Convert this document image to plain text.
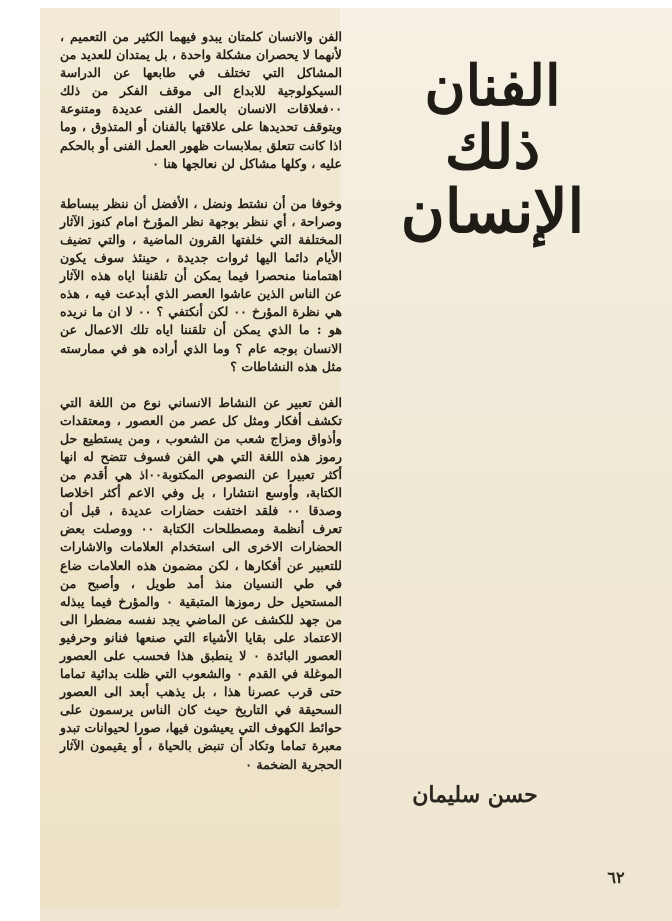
الفنان
ذلك الإنسان

الفن والانسان كلمتان يبدو فيهما الكثير من التعميم ، لأنهما لا يحصران مشكلة واحدة ، بل يمتدان للعديد من المشاكل التي تختلف في طابعها عن الدراسة السيكولوجية للابداع الى موقف الفكر من ذلك ٠٠فعلاقات الانسان بالعمل الفنى عديدة ومتنوعة ويتوقف تحديدها على علاقتها بالفنان أو المتذوق ، وما اذا كانت تتعلق بملابسات ظهور العمل الفنى أو بالحكم عليه ، وكلها مشاكل لن نعالجها هنا ٠

وخوفا من أن نشتط ونضل ، الأفضل أن ننظر ببساطة وصراحة ، أي ننظر بوجهة نظر المؤرخ امام كنوز الآثار المختلفة التي خلفتها القرون الماضية ، والتي تضيف الأيام دائما اليها ثروات جديدة ، حينئذ سوف يكون اهتمامنا منحصرا فيما يمكن أن تلقننا اياه هذه الآثار عن الناس الذين عاشوا العصر الذي أبدعت فيه ، هذه هي نظرة المؤرخ ٠٠ لكن أنكتفي ؟ ٠٠ لا ان ما نريده هو : ما الذي يمكن أن تلقننا اياه تلك الاعمال عن الانسان بوجه عام ؟ وما الذي أراده هو في ممارسته مثل هذه النشاطات ؟

الفن تعبير عن النشاط الانساني نوع من اللغة التي تكشف أفكار ومثل كل عصر من العصور ، ومعتقدات وأذواق ومزاج شعب من الشعوب ، ومن يستطيع حل رموز هذه اللغة التي هي الفن فسوف تتضح له انها أكثر تعبيرا عن النصوص المكتوبة٠٠اذ هي أقدم من الكتابة، وأوسع انتشارا ، بل وفي الاعم أكثر اخلاصا وصدقا ٠٠ فلقد اختفت حضارات عديدة ، قبل أن تعرف أنظمة ومصطلحات الكتابة ٠٠ ووصلت بعض الحضارات الاخرى الى استخدام العلامات والاشارات للتعبير عن أفكارها ، لكن مضمون هذه العلامات ضاع في طي النسيان منذ أمد طويل ، وأصبح من المستحيل حل رموزها المتبقية ٠ والمؤرخ فيما يبذله من جهد للكشف عن الماضي يجد نفسه مضطرا الى الاعتماد على بقايا الأشياء التي صنعها فنانو وحرفيو العصور البائدة ٠ لا ينطبق هذا فحسب على العصور الموغلة في القدم ٠ والشعوب التي ظلت بدائية تماما حتى قرب عصرنا هذا ، بل يذهب أبعد الى العصور السحيقة في التاريخ حيث كان الناس يرسمون على حوائط الكهوف التي يعيشون فيها، صورا لحيوانات تبدو معبرة تماما وتكاد أن تنبض بالحياة ، أو يقيمون الآثار الحجرية الضخمة ٠

حسن سليمان
٦٢
